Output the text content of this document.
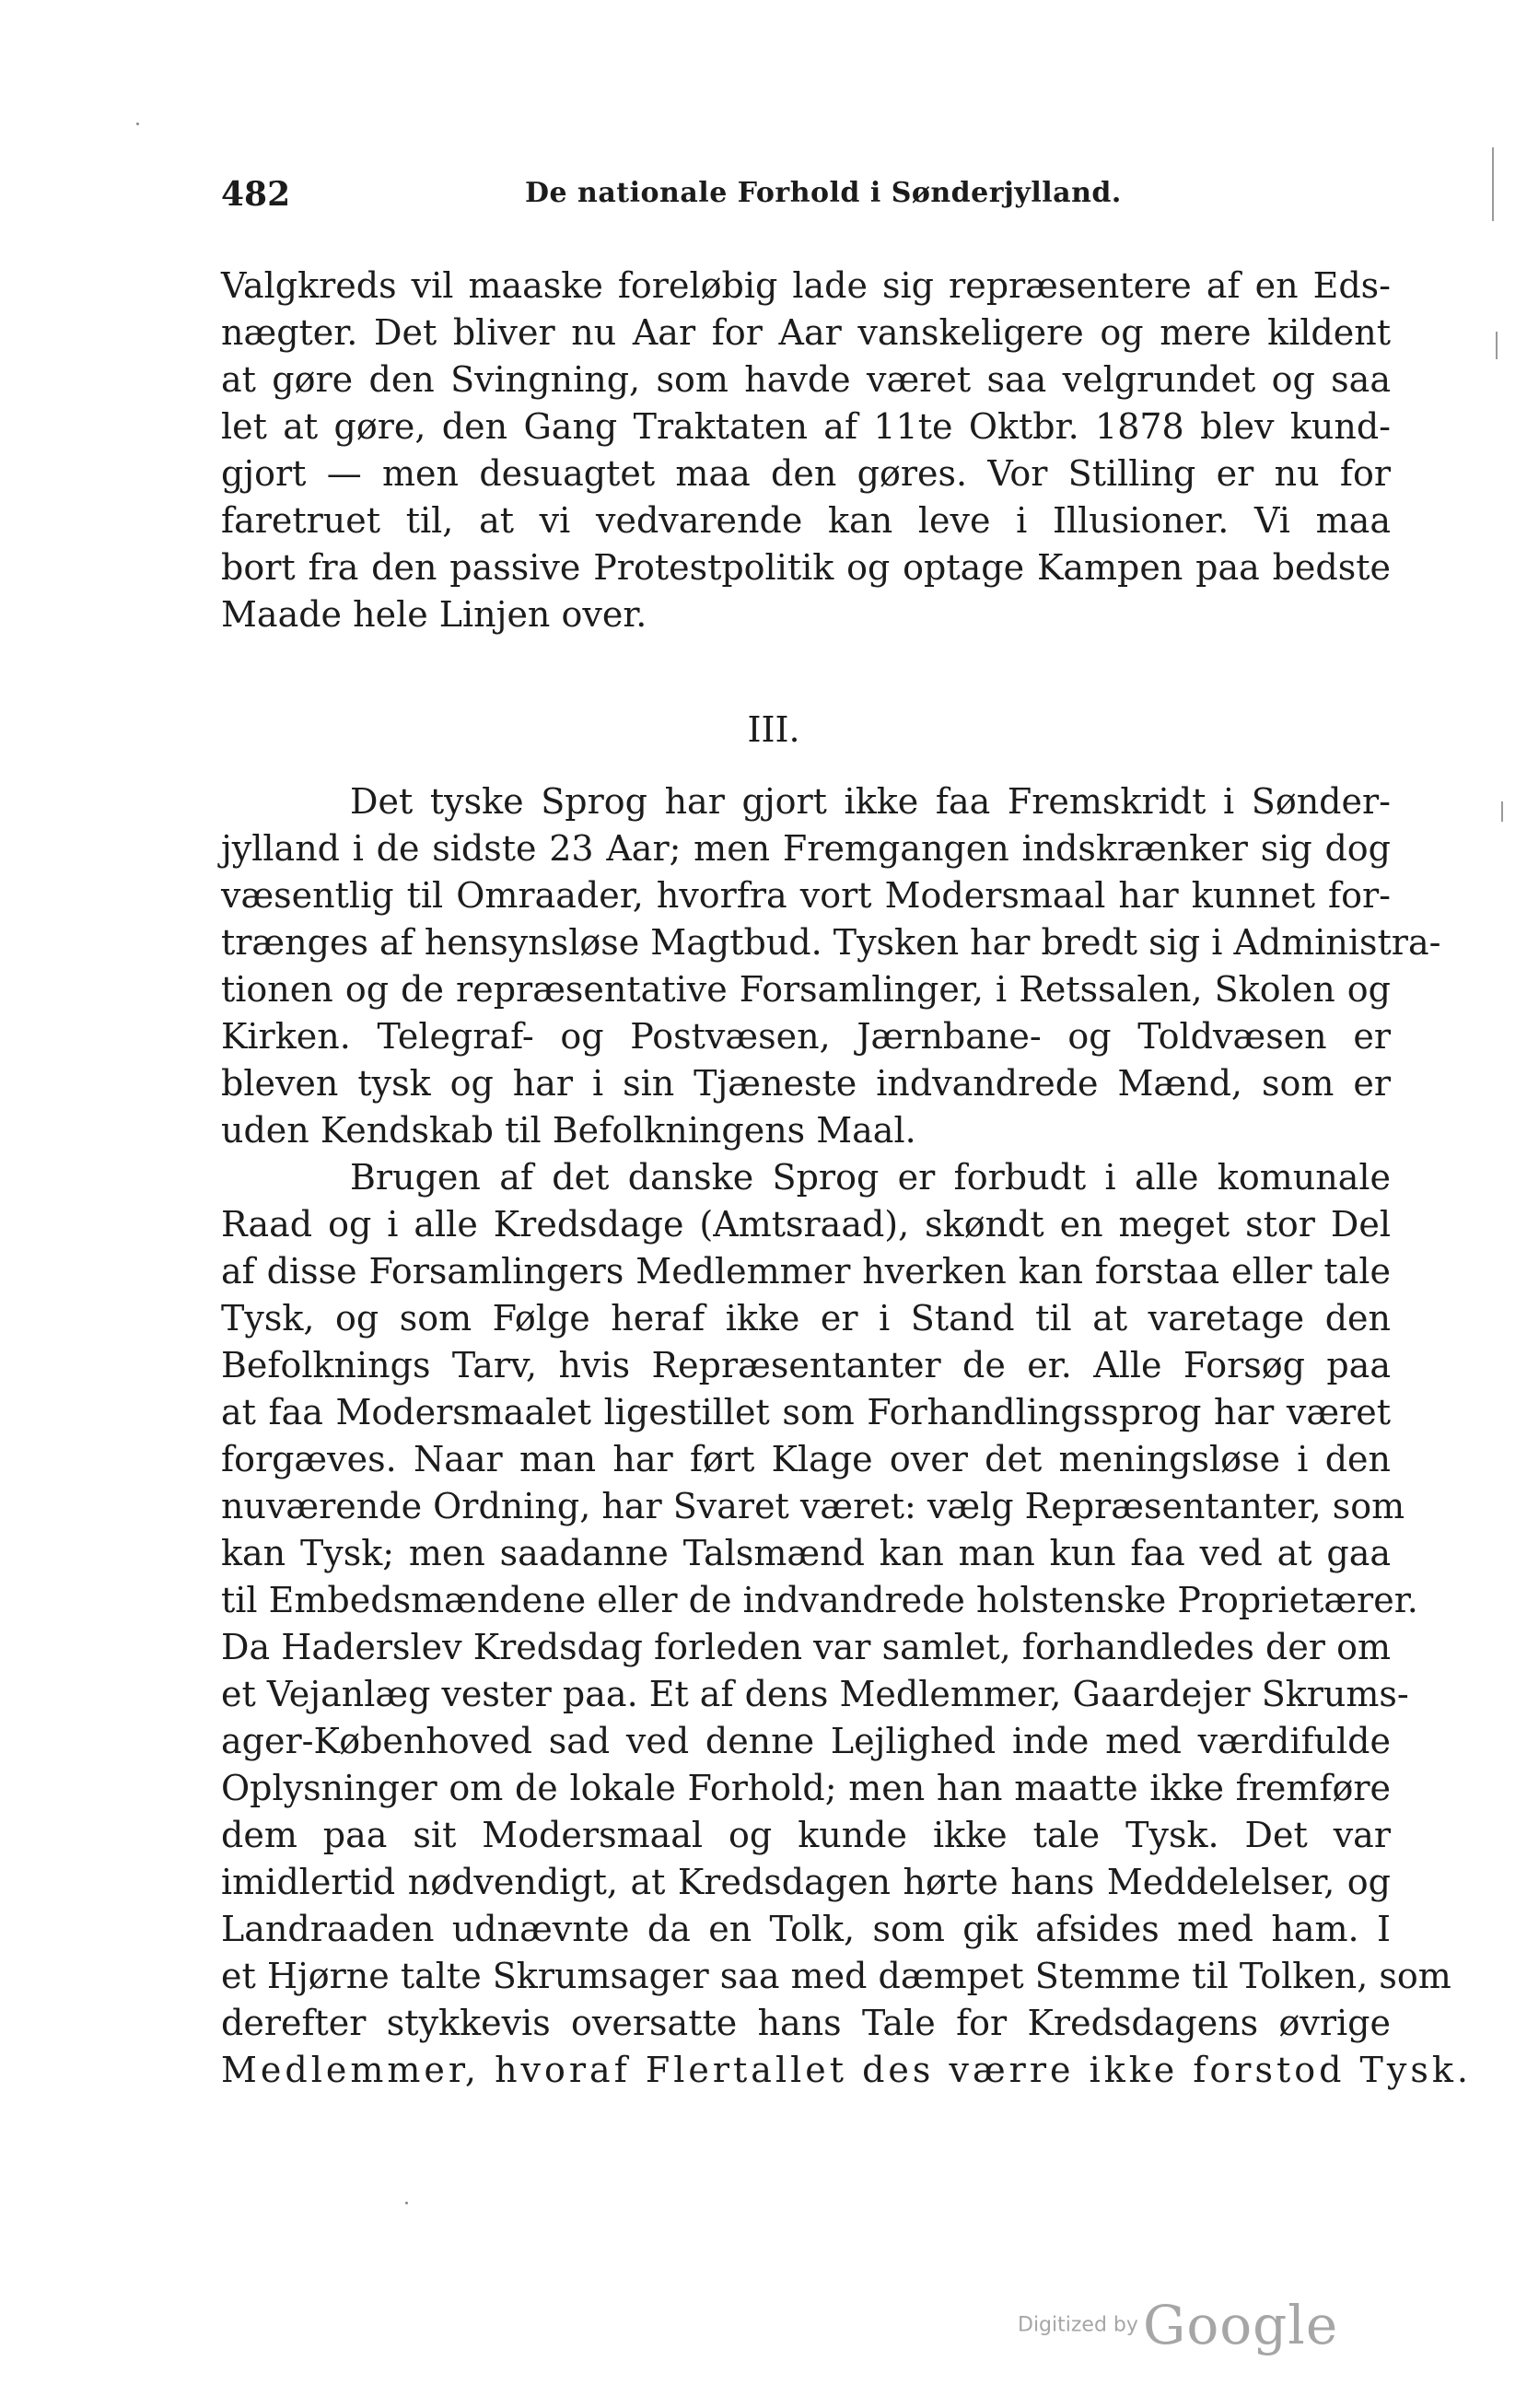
482	De nationale Forhold i Sønderjylland.
Valgkreds vil maaske foreløbig lade sig repræsentere af en Eds-
nægter. Det bliver nu Aar for Aar vanskeligere og mere kildent
at gøre den Svingning, som havde været saa velgrundet og saa
let at gøre, den Gang Traktaten af 11te Oktbr. 1878 blev kund-
gjort — men desuagtet maa den gøres. Vor Stilling er nu for
faretruet til, at vi vedvarende kan leve i Illusioner. Vi maa
bort fra den passive Protestpolitik og optage Kampen paa bedste
Maade hele Linjen over.
III.
Det tyske Sprog har gjort ikke faa Fremskridt i Sønder-
jylland i de sidste 23 Aar; men Fremgangen indskrænker sig dog
væsentlig til Omraader, hvorfra vort Modersmaal har kunnet for-
trænges af hensynsløse Magtbud. Tysken har bredt sig i Administra-
tionen og de repræsentative Forsamlinger, i Retssalen, Skolen og
Kirken. Telegraf- og Postvæsen, Jærnbane- og Toldvæsen er
bleven tysk og har i sin Tjæneste indvandrede Mænd, som er
uden Kendskab til Befolkningens Maal.
Brugen af det danske Sprog er forbudt i alle komunale
Raad og i alle Kredsdage (Amtsraad), skøndt en meget stor Del
af disse Forsamlingers Medlemmer hverken kan forstaa eller tale
Tysk, og som Følge heraf ikke er i Stand til at varetage den
Befolknings Tarv, hvis Repræsentanter de er. Alle Forsøg paa
at faa Modersmaalet ligestillet som Forhandlingssprog har været
forgæves. Naar man har ført Klage over det meningsløse i den
nuværende Ordning, har Svaret været: vælg Repræsentanter, som
kan Tysk; men saadanne Talsmænd kan man kun faa ved at gaa
til Embedsmændene eller de indvandrede holstenske Proprietærer.
Da Haderslev Kredsdag forleden var samlet, forhandledes der om
et Vejanlæg vester paa. Et af dens Medlemmer, Gaardejer Skrums-
ager-Københoved sad ved denne Lejlighed inde med værdifulde
Oplysninger om de lokale Forhold; men han maatte ikke fremføre
dem paa sit Modersmaal og kunde ikke tale Tysk. Det var
imidlertid nødvendigt, at Kredsdagen hørte hans Meddelelser, og
Landraaden udnævnte da en Tolk, som gik afsides med ham. I
et Hjørne talte Skrumsager saa med dæmpet Stemme til Tolken, som
derefter stykkevis oversatte hans Tale for Kredsdagens øvrige
Medlemmer, hvoraf Flertallet des værre ikke forstod Tysk.
Digitized by Google
